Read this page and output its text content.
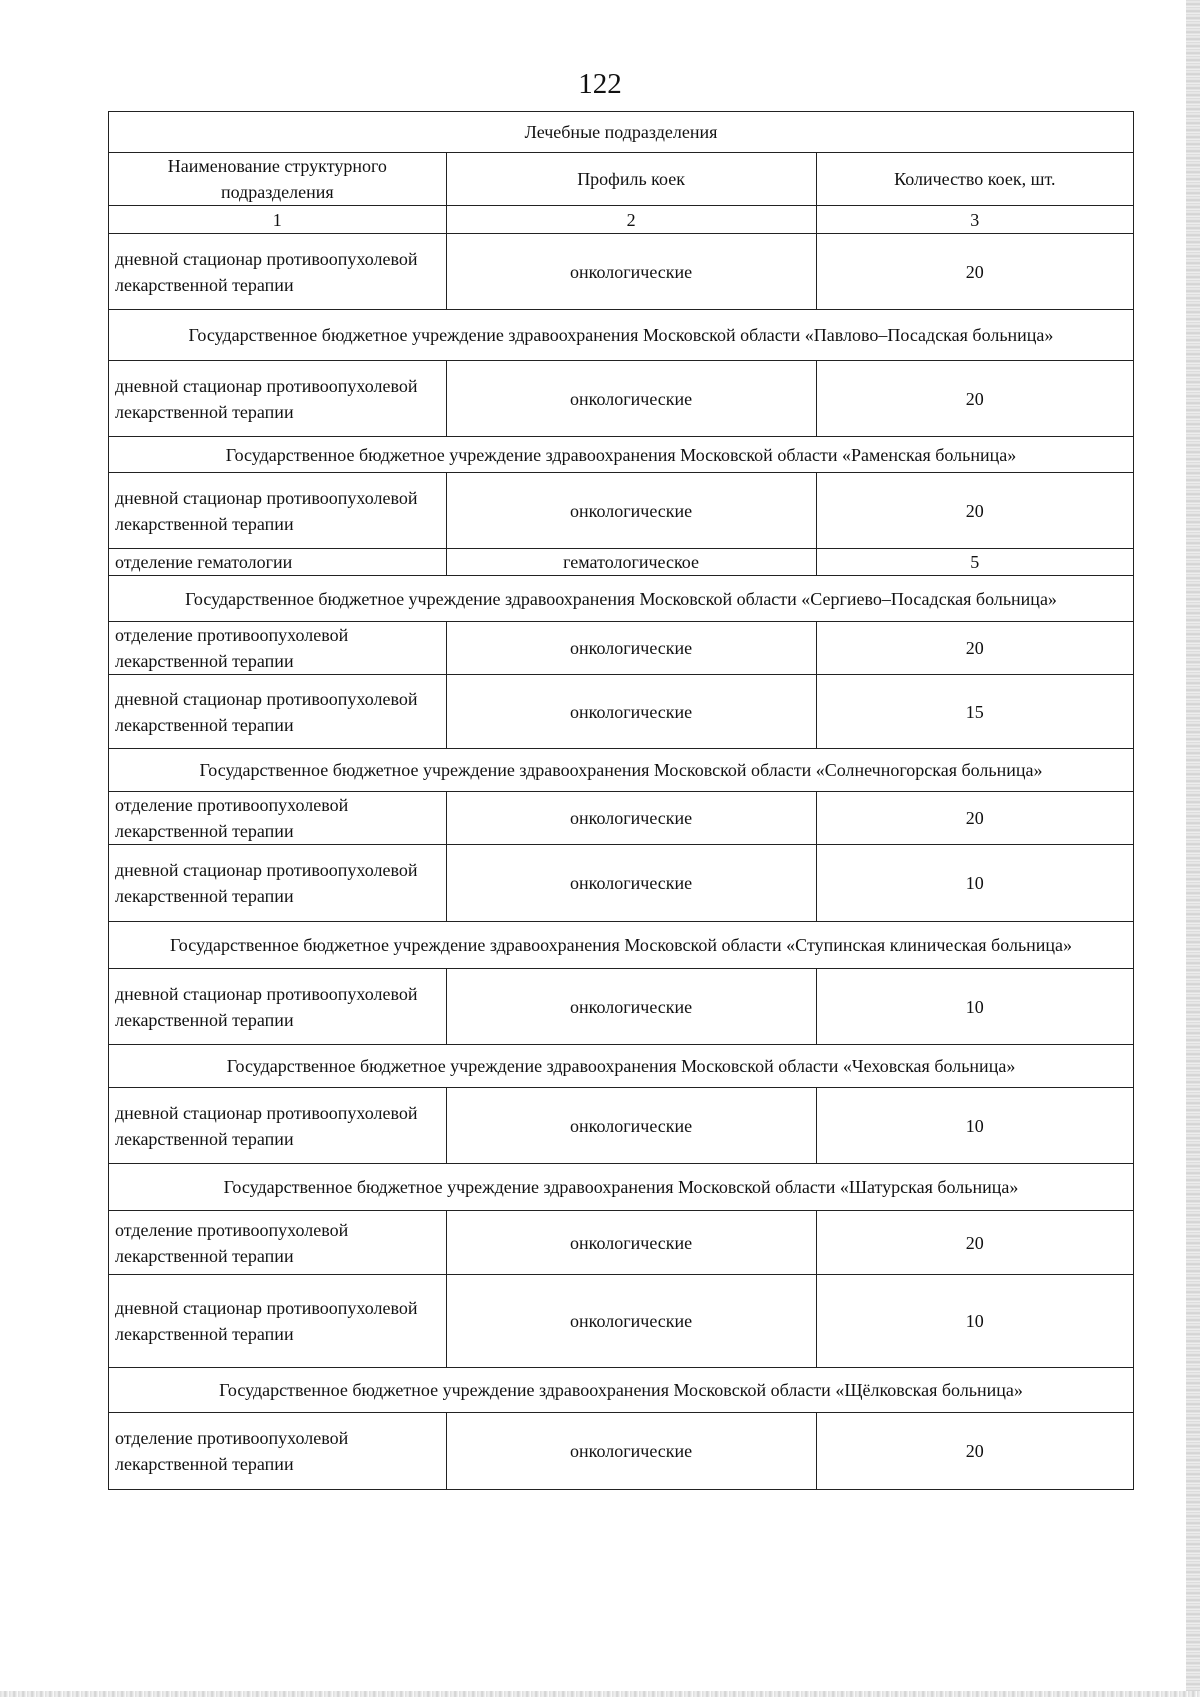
122
Лечебные подразделения		
Наименование структурного подразделения	Профиль коек	Количество коек, шт.
1	2	3
дневной стационар противоопухолевой лекарственной терапии	онкологические	20
Государственное бюджетное учреждение здравоохранения Московской области «Павлово–Посадская больница»		
дневной стационар противоопухолевой лекарственной терапии	онкологические	20
Государственное бюджетное учреждение здравоохранения Московской области «Раменская больница»		
дневной стационар противоопухолевой лекарственной терапии	онкологические	20
отделение гематологии	гематологическое	5
Государственное бюджетное учреждение здравоохранения Московской области «Сергиево–Посадская больница»		
отделение противоопухолевой лекарственной терапии	онкологические	20
дневной стационар противоопухолевой лекарственной терапии	онкологические	15
Государственное бюджетное учреждение здравоохранения Московской области «Солнечногорская больница»		
отделение противоопухолевой лекарственной терапии	онкологические	20
дневной стационар противоопухолевой лекарственной терапии	онкологические	10
Государственное бюджетное учреждение здравоохранения Московской области «Ступинская клиническая больница»		
дневной стационар противоопухолевой лекарственной терапии	онкологические	10
Государственное бюджетное учреждение здравоохранения Московской области «Чеховская больница»		
дневной стационар противоопухолевой лекарственной терапии	онкологические	10
Государственное бюджетное учреждение здравоохранения Московской области «Шатурская больница»		
отделение противоопухолевой лекарственной терапии	онкологические	20
дневной стационар противоопухолевой лекарственной терапии	онкологические	10
Государственное бюджетное учреждение здравоохранения Московской области «Щёлковская больница»		
отделение противоопухолевой лекарственной терапии	онкологические	20
